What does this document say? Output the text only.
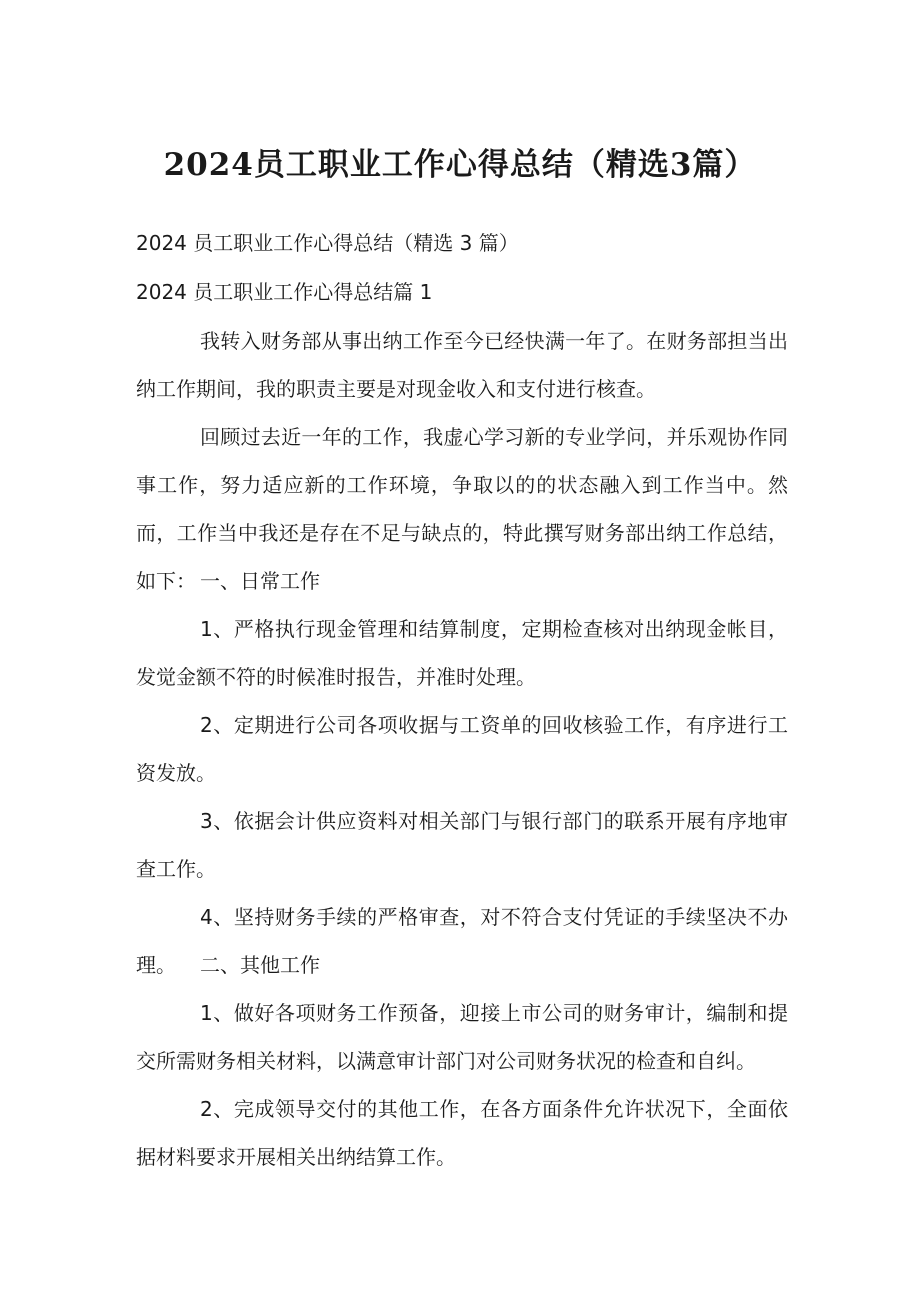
2024员工职业工作心得总结（精选3篇）
2024 员工职业工作心得总结（精选 3 篇）
2024 员工职业工作心得总结篇 1
我转入财务部从事出纳工作至今已经快满一年了。在财务部担当出纳工作期间，我的职责主要是对现金收入和支付进行核查。
回顾过去近一年的工作，我虚心学习新的专业学问，并乐观协作同事工作，努力适应新的工作环境，争取以的的状态融入到工作当中。然而，工作当中我还是存在不足与缺点的，特此撰写财务部出纳工作总结，如下： 一、日常工作
1、严格执行现金管理和结算制度，定期检查核对出纳现金帐目，发觉金额不符的时候准时报告，并准时处理。
2、定期进行公司各项收据与工资单的回收核验工作，有序进行工资发放。
3、依据会计供应资料对相关部门与银行部门的联系开展有序地审查工作。
4、坚持财务手续的严格审查，对不符合支付凭证的手续坚决不办理。	二、其他工作
1、做好各项财务工作预备，迎接上市公司的财务审计，编制和提交所需财务相关材料，以满意审计部门对公司财务状况的检查和自纠。
2、完成领导交付的其他工作，在各方面条件允许状况下，全面依据材料要求开展相关出纳结算工作。
